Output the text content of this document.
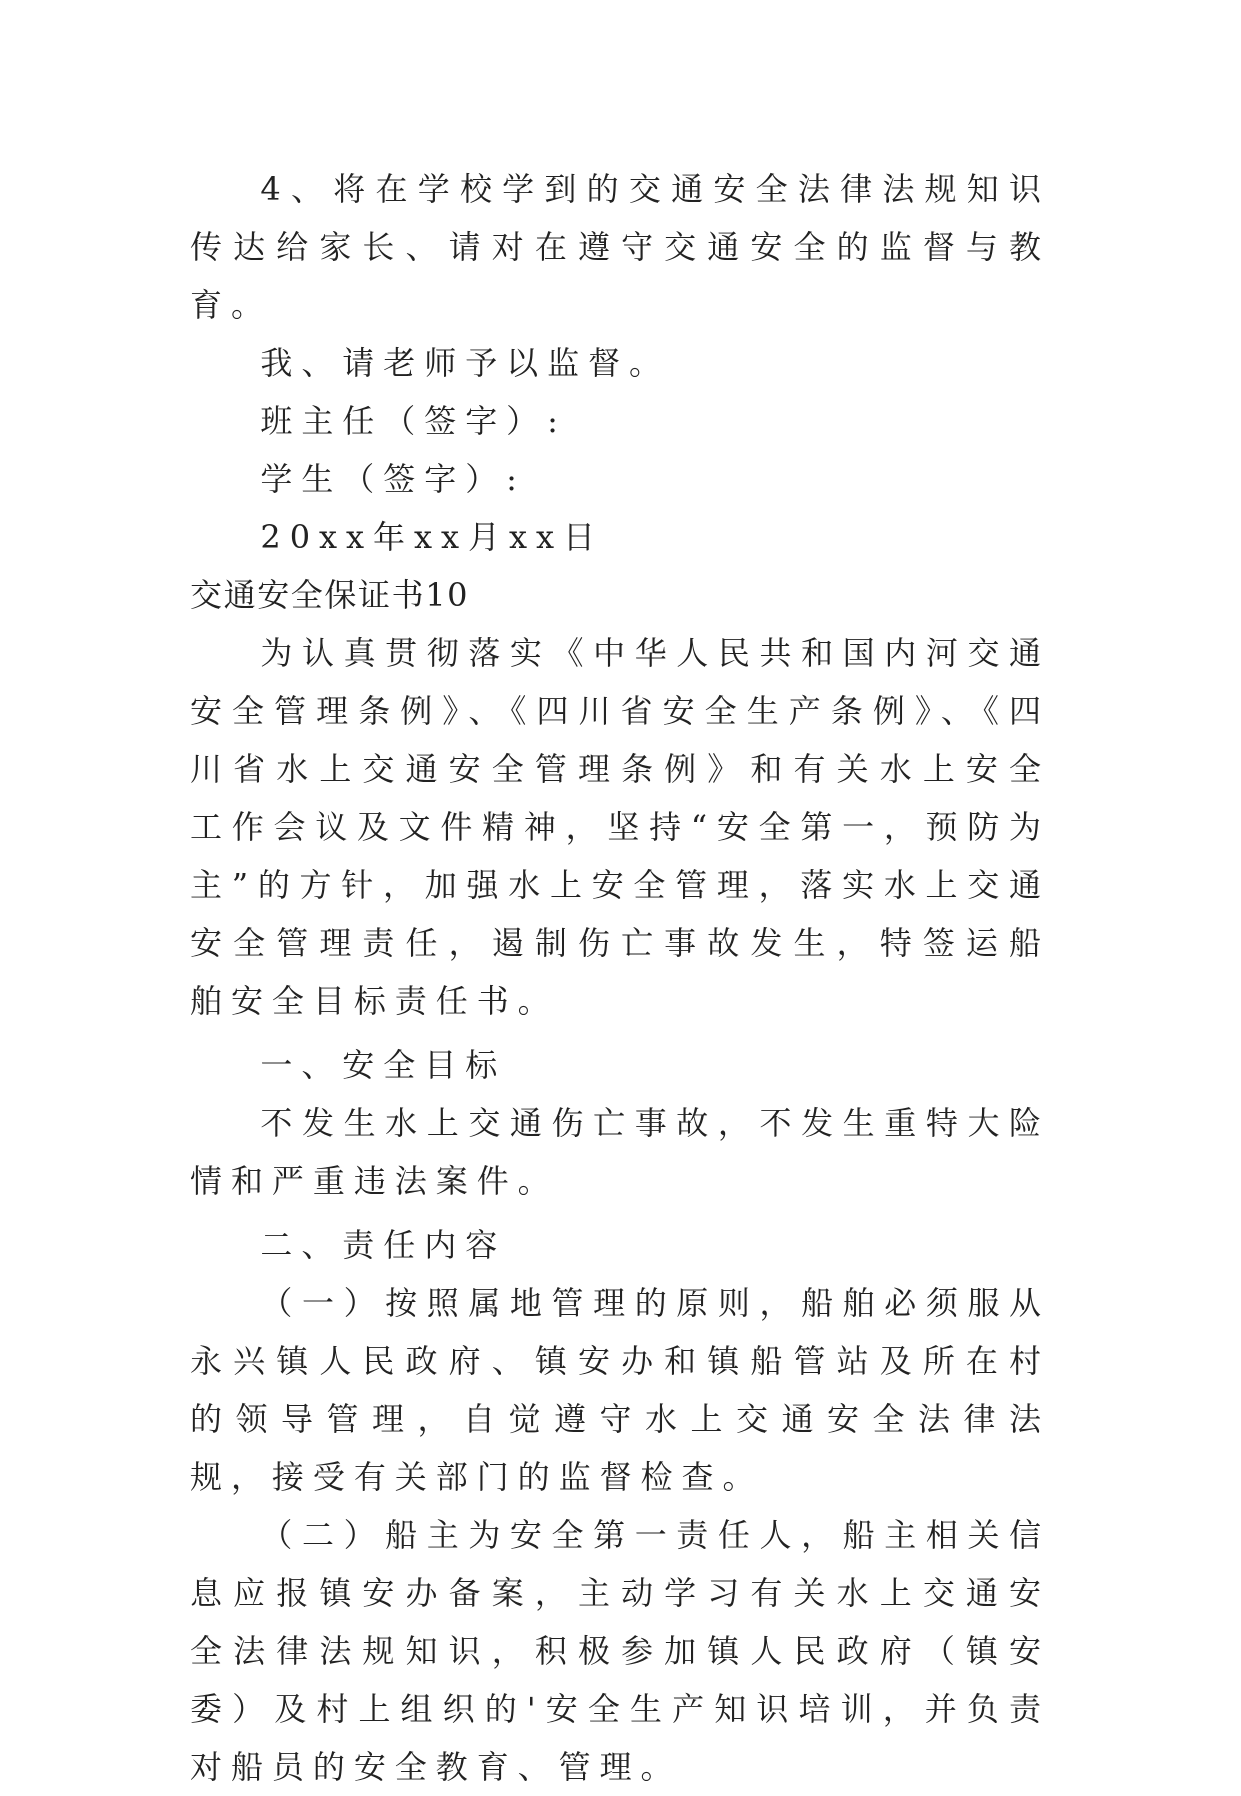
4、将在学校学到的交通安全法律法规知识传达给家长、请对在遵守交通安全的监督与教育。

我、请老师予以监督。

班主任（签字）:

学生（签字）:

20xx年xx月xx日

交通安全保证书10

为认真贯彻落实《中华人民共和国内河交通安全管理条例》、《四川省安全生产条例》、《四川省水上交通安全管理条例》和有关水上安全工作会议及文件精神，坚持“安全第一，预防为主”的方针，加强水上安全管理，落实水上交通安全管理责任，遏制伤亡事故发生，特签运船舶安全目标责任书。

一、安全目标

不发生水上交通伤亡事故，不发生重特大险情和严重违法案件。

二、责任内容

（一）按照属地管理的原则，船舶必须服从永兴镇人民政府、镇安办和镇船管站及所在村的领导管理，自觉遵守水上交通安全法律法规，接受有关部门的监督检查。

（二）船主为安全第一责任人，船主相关信息应报镇安办备案，主动学习有关水上交通安全法律法规知识，积极参加镇人民政府（镇安委）及村上组织的'安全生产知识培训，并负责对船员的安全教育、管理。
